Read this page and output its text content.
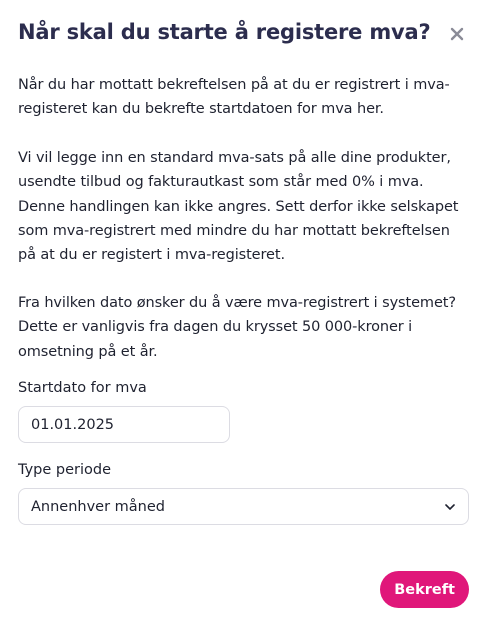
Når skal du starte å registere mva?

Når du har mottatt bekreftelsen på at du er registrert i mva-registeret kan du bekrefte startdatoen for mva her.

Vi vil legge inn en standard mva-sats på alle dine produkter, usendte tilbud og fakturautkast som står med 0% i mva. Denne handlingen kan ikke angres. Sett derfor ikke selskapet som mva-registrert med mindre du har mottatt bekreftelsen på at du er registert i mva-registeret.

Fra hvilken dato ønsker du å være mva-registrert i systemet? Dette er vanligvis fra dagen du krysset 50 000-kroner i omsetning på et år.

Startdato for mva
01.01.2025
Type periode
Annenhver måned
Bekreft
